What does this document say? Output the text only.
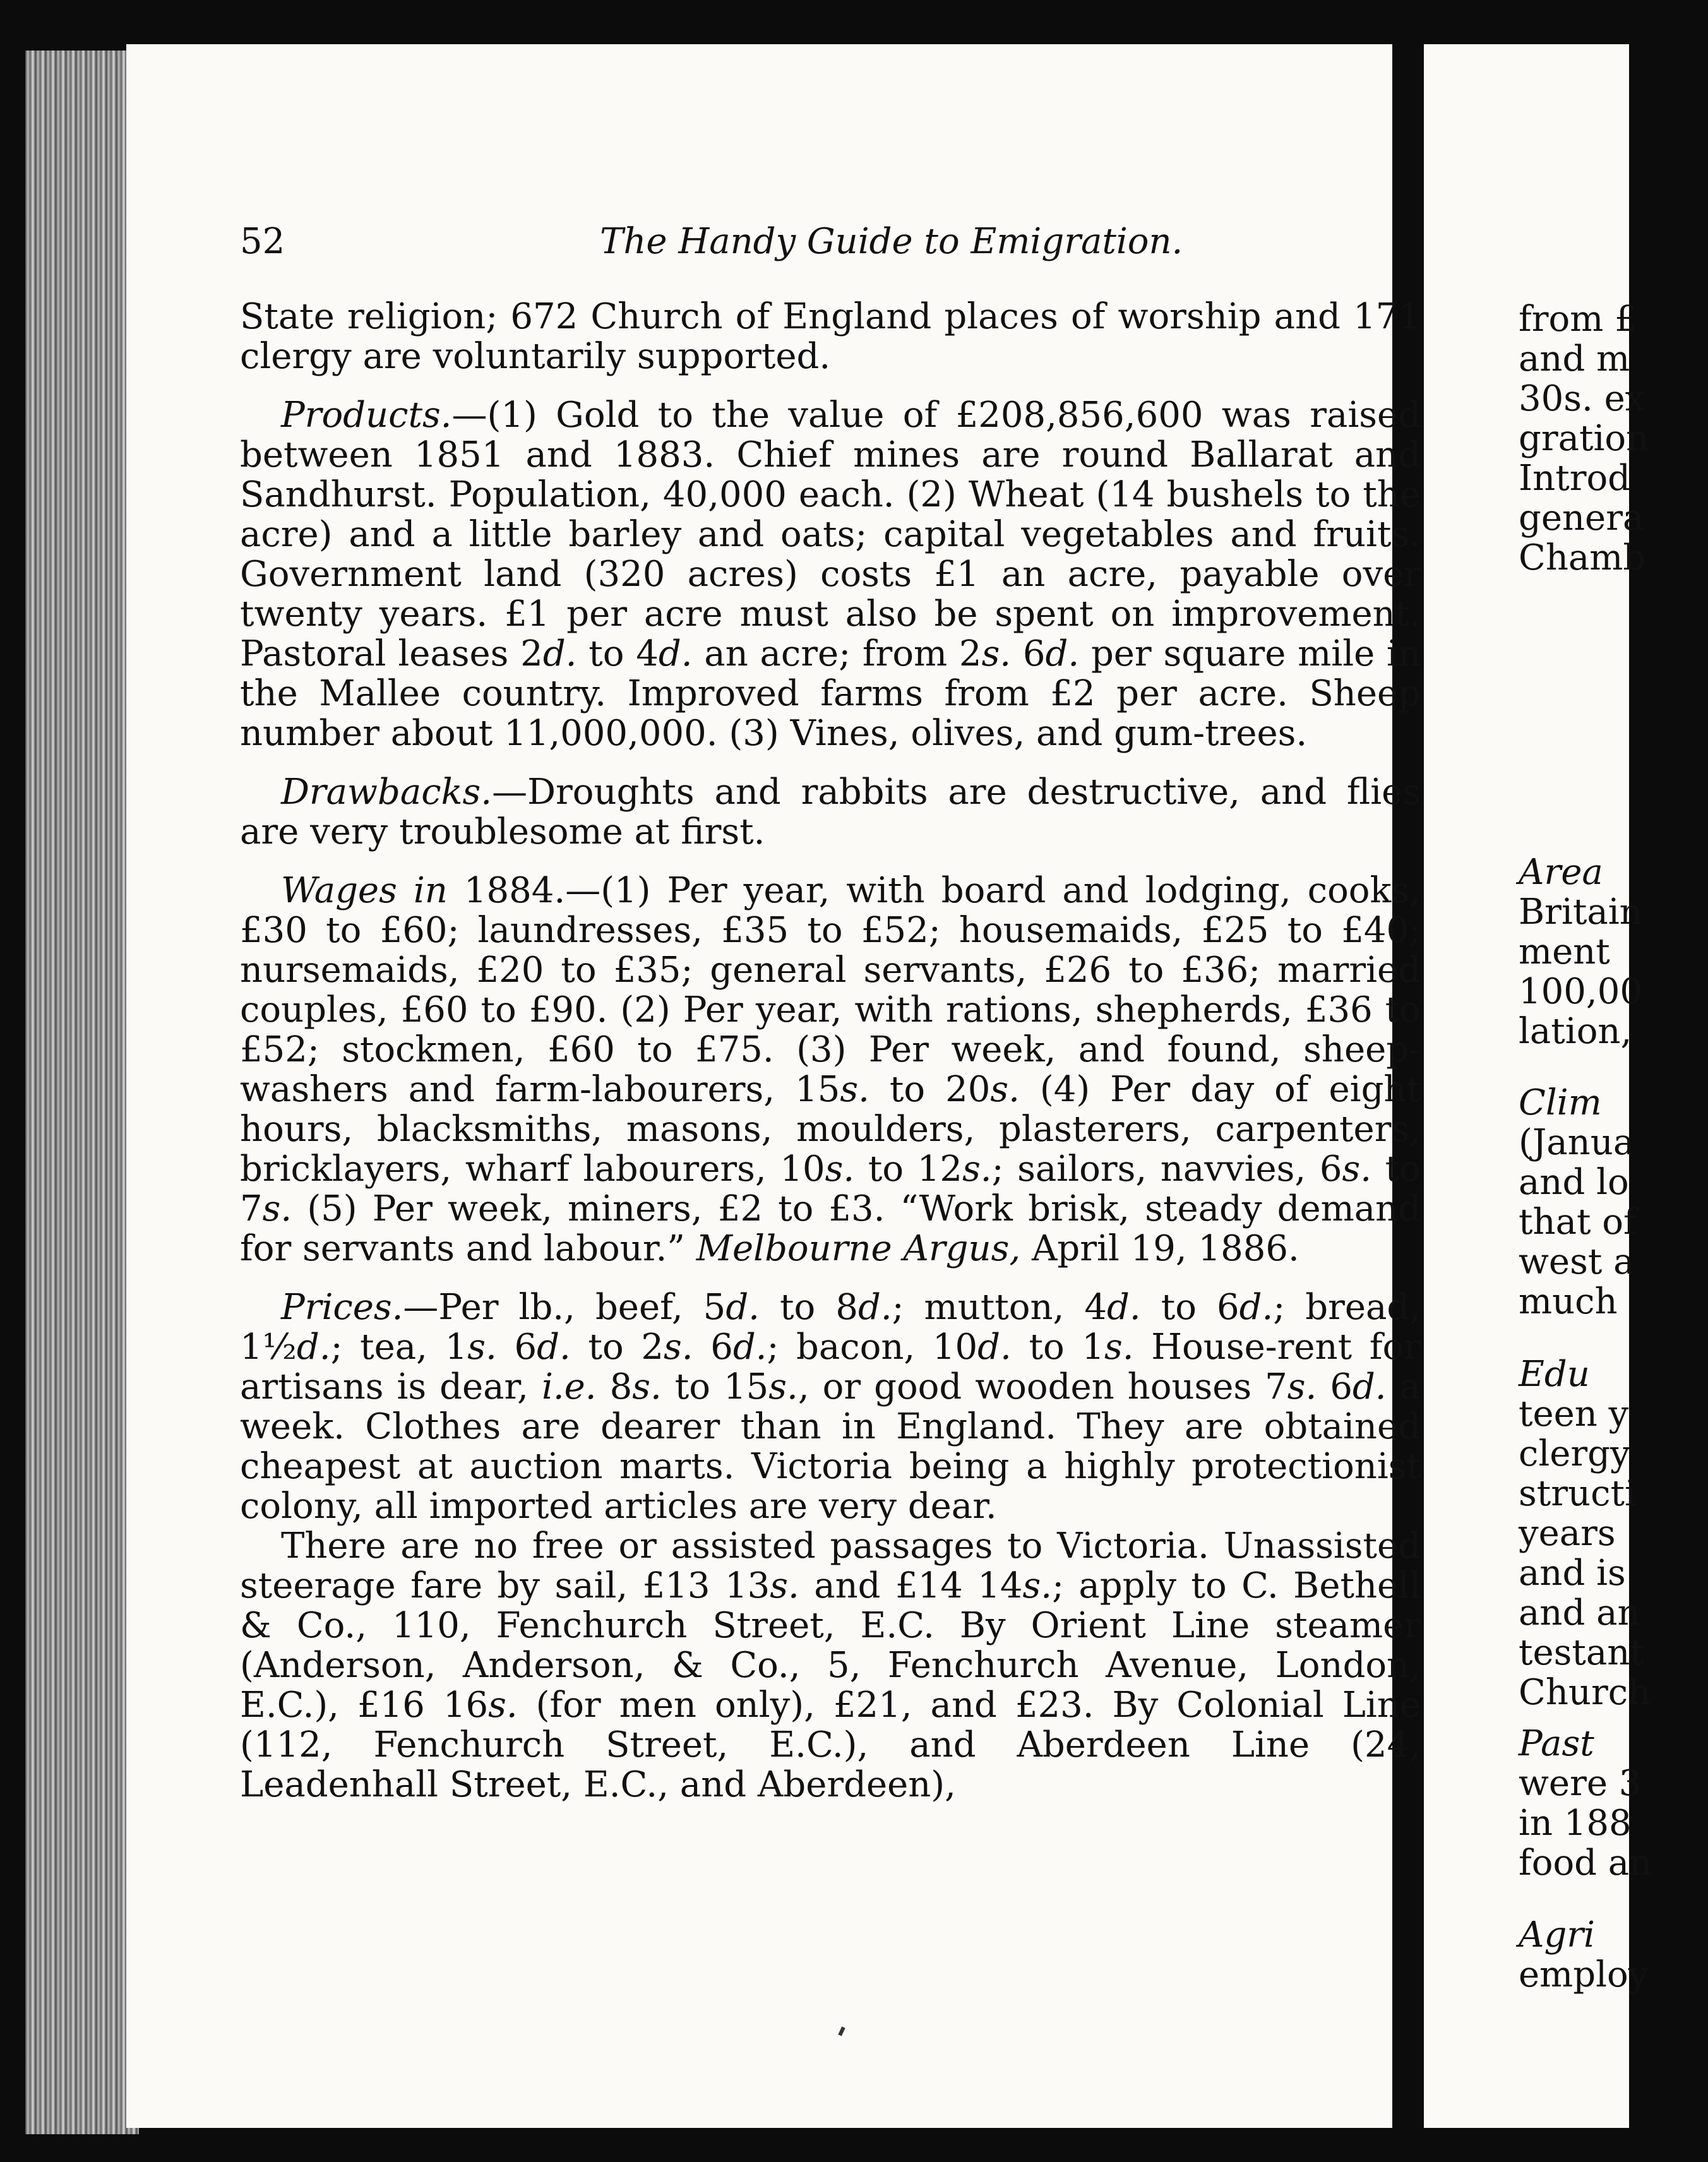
52	The Handy Guide to Emigration.

State religion; 672 Church of England places of worship and 171 clergy are voluntarily supported.

Products.—(1) Gold to the value of £208,856,600 was raised between 1851 and 1883. Chief mines are round Ballarat and Sandhurst. Population, 40,000 each. (2) Wheat (14 bushels to the acre) and a little barley and oats; capital vegetables and fruits. Government land (320 acres) costs £1 an acre, payable over twenty years. £1 per acre must also be spent on improvement. Pastoral leases 2d. to 4d. an acre; from 2s. 6d. per square mile in the Mallee country. Improved farms from £2 per acre. Sheep number about 11,000,000. (3) Vines, olives, and gum-trees.

Drawbacks.—Droughts and rabbits are destructive, and flies are very troublesome at first.

Wages in 1884.—(1) Per year, with board and lodging, cooks, £30 to £60; laundresses, £35 to £52; housemaids, £25 to £40; nursemaids, £20 to £35; general servants, £26 to £36; married couples, £60 to £90. (2) Per year, with rations, shepherds, £36 to £52; stockmen, £60 to £75. (3) Per week, and found, sheep-washers and farm-labourers, 15s. to 20s. (4) Per day of eight hours, blacksmiths, masons, moulders, plasterers, carpenters, bricklayers, wharf labourers, 10s. to 12s.; sailors, navvies, 6s. to 7s. (5) Per week, miners, £2 to £3. “Work brisk, steady demand for servants and labour.” Melbourne Argus, April 19, 1886.

Prices.—Per lb., beef, 5d. to 8d.; mutton, 4d. to 6d.; bread, 1½d.; tea, 1s. 6d. to 2s. 6d.; bacon, 10d. to 1s. House-rent for artisans is dear, i.e. 8s. to 15s., or good wooden houses 7s. 6d. a week. Clothes are dearer than in England. They are obtained cheapest at auction marts. Victoria being a highly protectionist colony, all imported articles are very dear.

There are no free or assisted passages to Victoria. Unassisted steerage fare by sail, £13 13s. and £14 14s.; apply to C. Bethell & Co., 110, Fenchurch Street, E.C. By Orient Line steamer (Anderson, Anderson, & Co., 5, Fenchurch Avenue, London, E.C.), £16 16s. (for men only), £21, and £23. By Colonial Line (112, Fenchurch Street, E.C.), and Aberdeen Line (24, Leadenhall Street, E.C., and Aberdeen),

from £
and m
30s. ex
gration
Introd
genera
Chamb
Area
Britain
ment
100,00
lation,
Clim
(Janua
and lo
that of
west a
much
Edu
teen y
clergy
structi
years
and is
and an
testant
Church
Past
were 3
in 188
food an
Agri
employ
